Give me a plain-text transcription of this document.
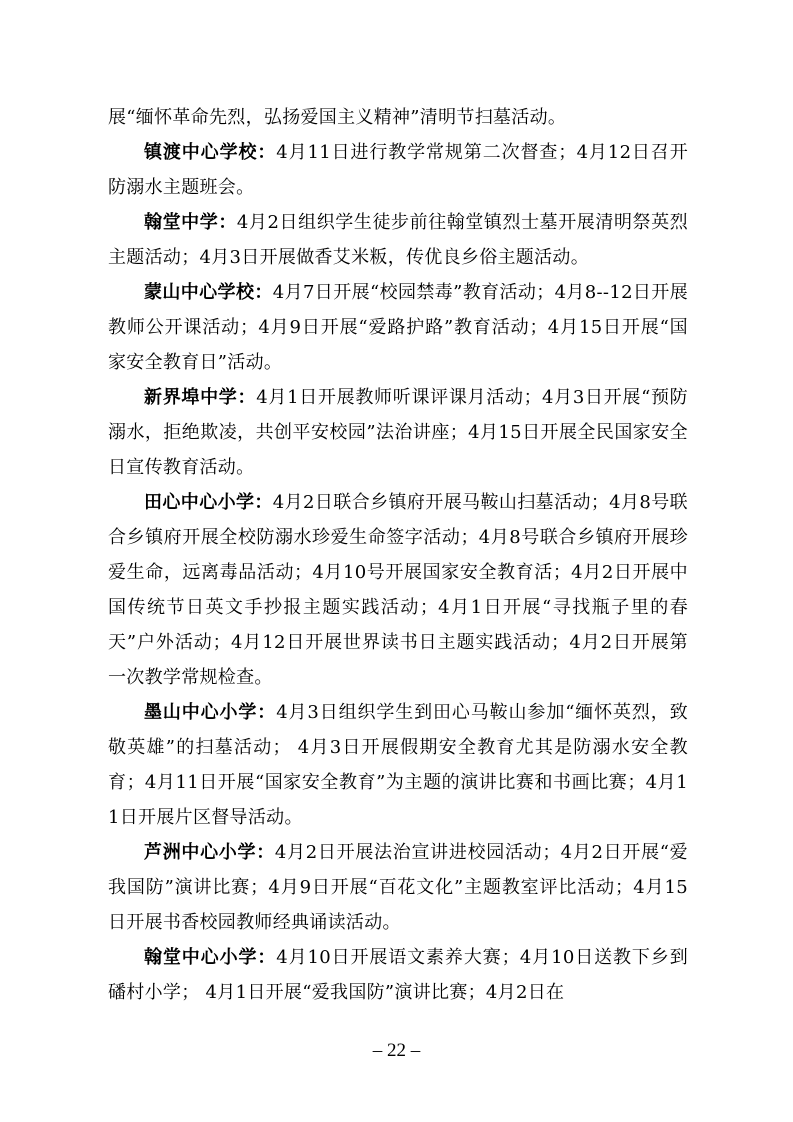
展“缅怀革命先烈，弘扬爱国主义精神”清明节扫墓活动。

镇渡中心学校：4月11日进行教学常规第二次督查；4月12日召开防溺水主题班会。

翰堂中学：4月2日组织学生徒步前往翰堂镇烈士墓开展清明祭英烈主题活动；4月3日开展做香艾米粄，传优良乡俗主题活动。

蒙山中心学校：4月7日开展“校园禁毒”教育活动；4月8--12日开展教师公开课活动；4月9日开展“爱路护路”教育活动；4月15日开展“国家安全教育日”活动。

新界埠中学：4月1日开展教师听课评课月活动；4月3日开展“预防溺水，拒绝欺凌，共创平安校园”法治讲座；4月15日开展全民国家安全日宣传教育活动。

田心中心小学：4月2日联合乡镇府开展马鞍山扫墓活动；4月8号联合乡镇府开展全校防溺水珍爱生命签字活动；4月8号联合乡镇府开展珍爱生命，远离毒品活动；4月10号开展国家安全教育活；4月2日开展中国传统节日英文手抄报主题实践活动；4月1日开展“寻找瓶子里的春天”户外活动；4月12日开展世界读书日主题实践活动；4月2日开展第一次教学常规检查。

墨山中心小学：4月3日组织学生到田心马鞍山参加“缅怀英烈，致敬英雄”的扫墓活动； 4月3日开展假期安全教育尤其是防溺水安全教育；4月11日开展“国家安全教育”为主题的演讲比赛和书画比赛；4月11日开展片区督导活动。

芦洲中心小学：4月2日开展法治宣讲进校园活动；4月2日开展“爱我国防”演讲比赛；4月9日开展“百花文化”主题教室评比活动；4月15日开展书香校园教师经典诵读活动。

翰堂中心小学：4月10日开展语文素养大赛；4月10日送教下乡到磻村小学； 4月1日开展“爱我国防”演讲比赛；4月2日在

– 22 –
